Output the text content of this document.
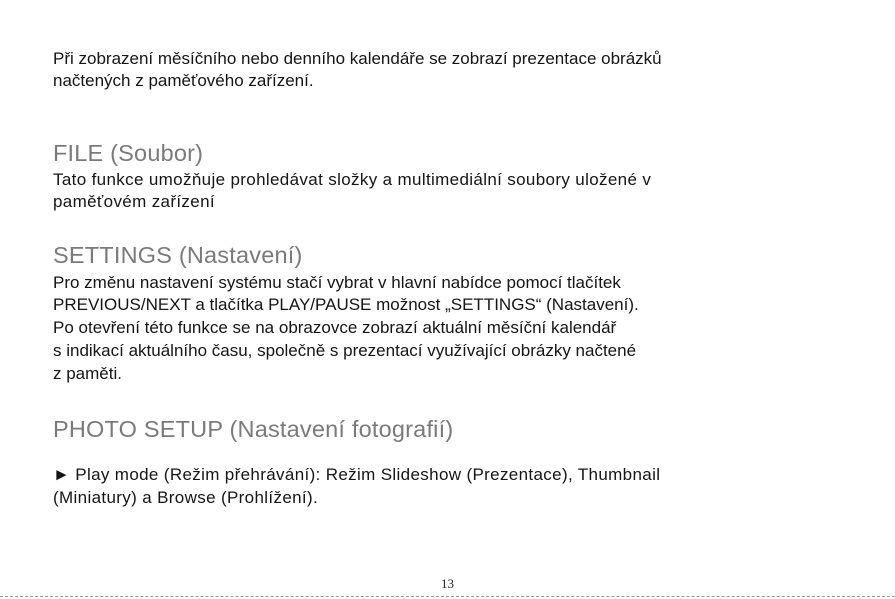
Při zobrazení měsíčního nebo denního kalendáře se zobrazí prezentace obrázků
načtených z paměťového zařízení.
FILE (Soubor)
Tato funkce umožňuje prohledávat složky a multimediální soubory uložené v
paměťovém zařízení
SETTINGS (Nastavení)
Pro změnu nastavení systému stačí vybrat v hlavní nabídce pomocí tlačítek
PREVIOUS/NEXT a tlačítka PLAY/PAUSE možnost „SETTINGS“ (Nastavení).
Po otevření této funkce se na obrazovce zobrazí aktuální měsíční kalendář
s indikací aktuálního času, společně s prezentací využívající obrázky načtené
z paměti.
PHOTO SETUP (Nastavení fotografií)
► Play mode (Režim přehrávání): Režim Slideshow (Prezentace), Thumbnail
(Miniatury) a Browse (Prohlížení).
13
